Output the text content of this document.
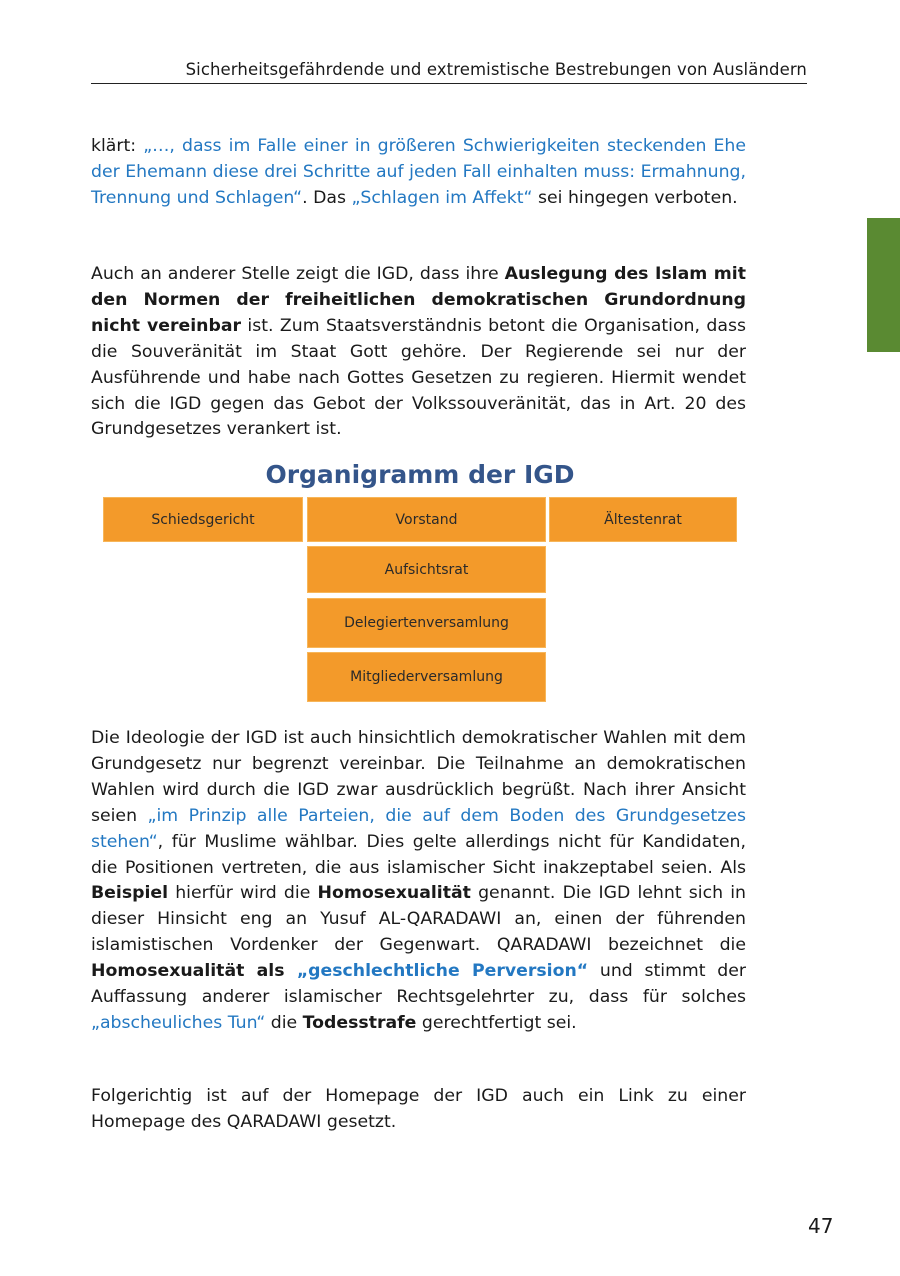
Sicherheitsgefährdende und extremistische Bestrebungen von Ausländern

klärt: „…, dass im Falle einer in größeren Schwierigkeiten steckenden Ehe der Ehemann diese drei Schritte auf jeden Fall einhalten muss: Ermahnung, Trennung und Schlagen“. Das „Schlagen im Affekt“ sei hingegen verboten.

Auch an anderer Stelle zeigt die IGD, dass ihre Auslegung des Islam mit den Normen der freiheitlichen demokratischen Grundordnung nicht vereinbar ist. Zum Staatsverständnis betont die Organisation, dass die Souveränität im Staat Gott gehöre. Der Regierende sei nur der Ausführende und habe nach Gottes Gesetzen zu regieren. Hiermit wendet sich die IGD gegen das Gebot der Volkssouveränität, das in Art. 20 des Grundgesetzes verankert ist.

Organigramm der IGD
Schiedsgericht	Vorstand	Ältestenrat
Aufsichtsrat
Delegiertenversamlung
Mitgliederversamlung

Die Ideologie der IGD ist auch hinsichtlich demokratischer Wahlen mit dem Grundgesetz nur begrenzt vereinbar. Die Teilnahme an demokratischen Wahlen wird durch die IGD zwar ausdrücklich begrüßt. Nach ihrer Ansicht seien „im Prinzip alle Parteien, die auf dem Boden des Grundgesetzes stehen“, für Muslime wählbar. Dies gelte allerdings nicht für Kandidaten, die Positionen vertreten, die aus islamischer Sicht inakzeptabel seien. Als Beispiel hierfür wird die Homosexualität genannt. Die IGD lehnt sich in dieser Hinsicht eng an Yusuf AL-QARADAWI an, einen der führenden islamistischen Vordenker der Gegenwart. QARADAWI bezeichnet die Homosexualität als „geschlechtliche Perversion“ und stimmt der Auffassung anderer islamischer Rechtsgelehrter zu, dass für solches „abscheuliches Tun“ die Todesstrafe gerechtfertigt sei.

Folgerichtig ist auf der Homepage der IGD auch ein Link zu einer Homepage des QARADAWI gesetzt.

47
